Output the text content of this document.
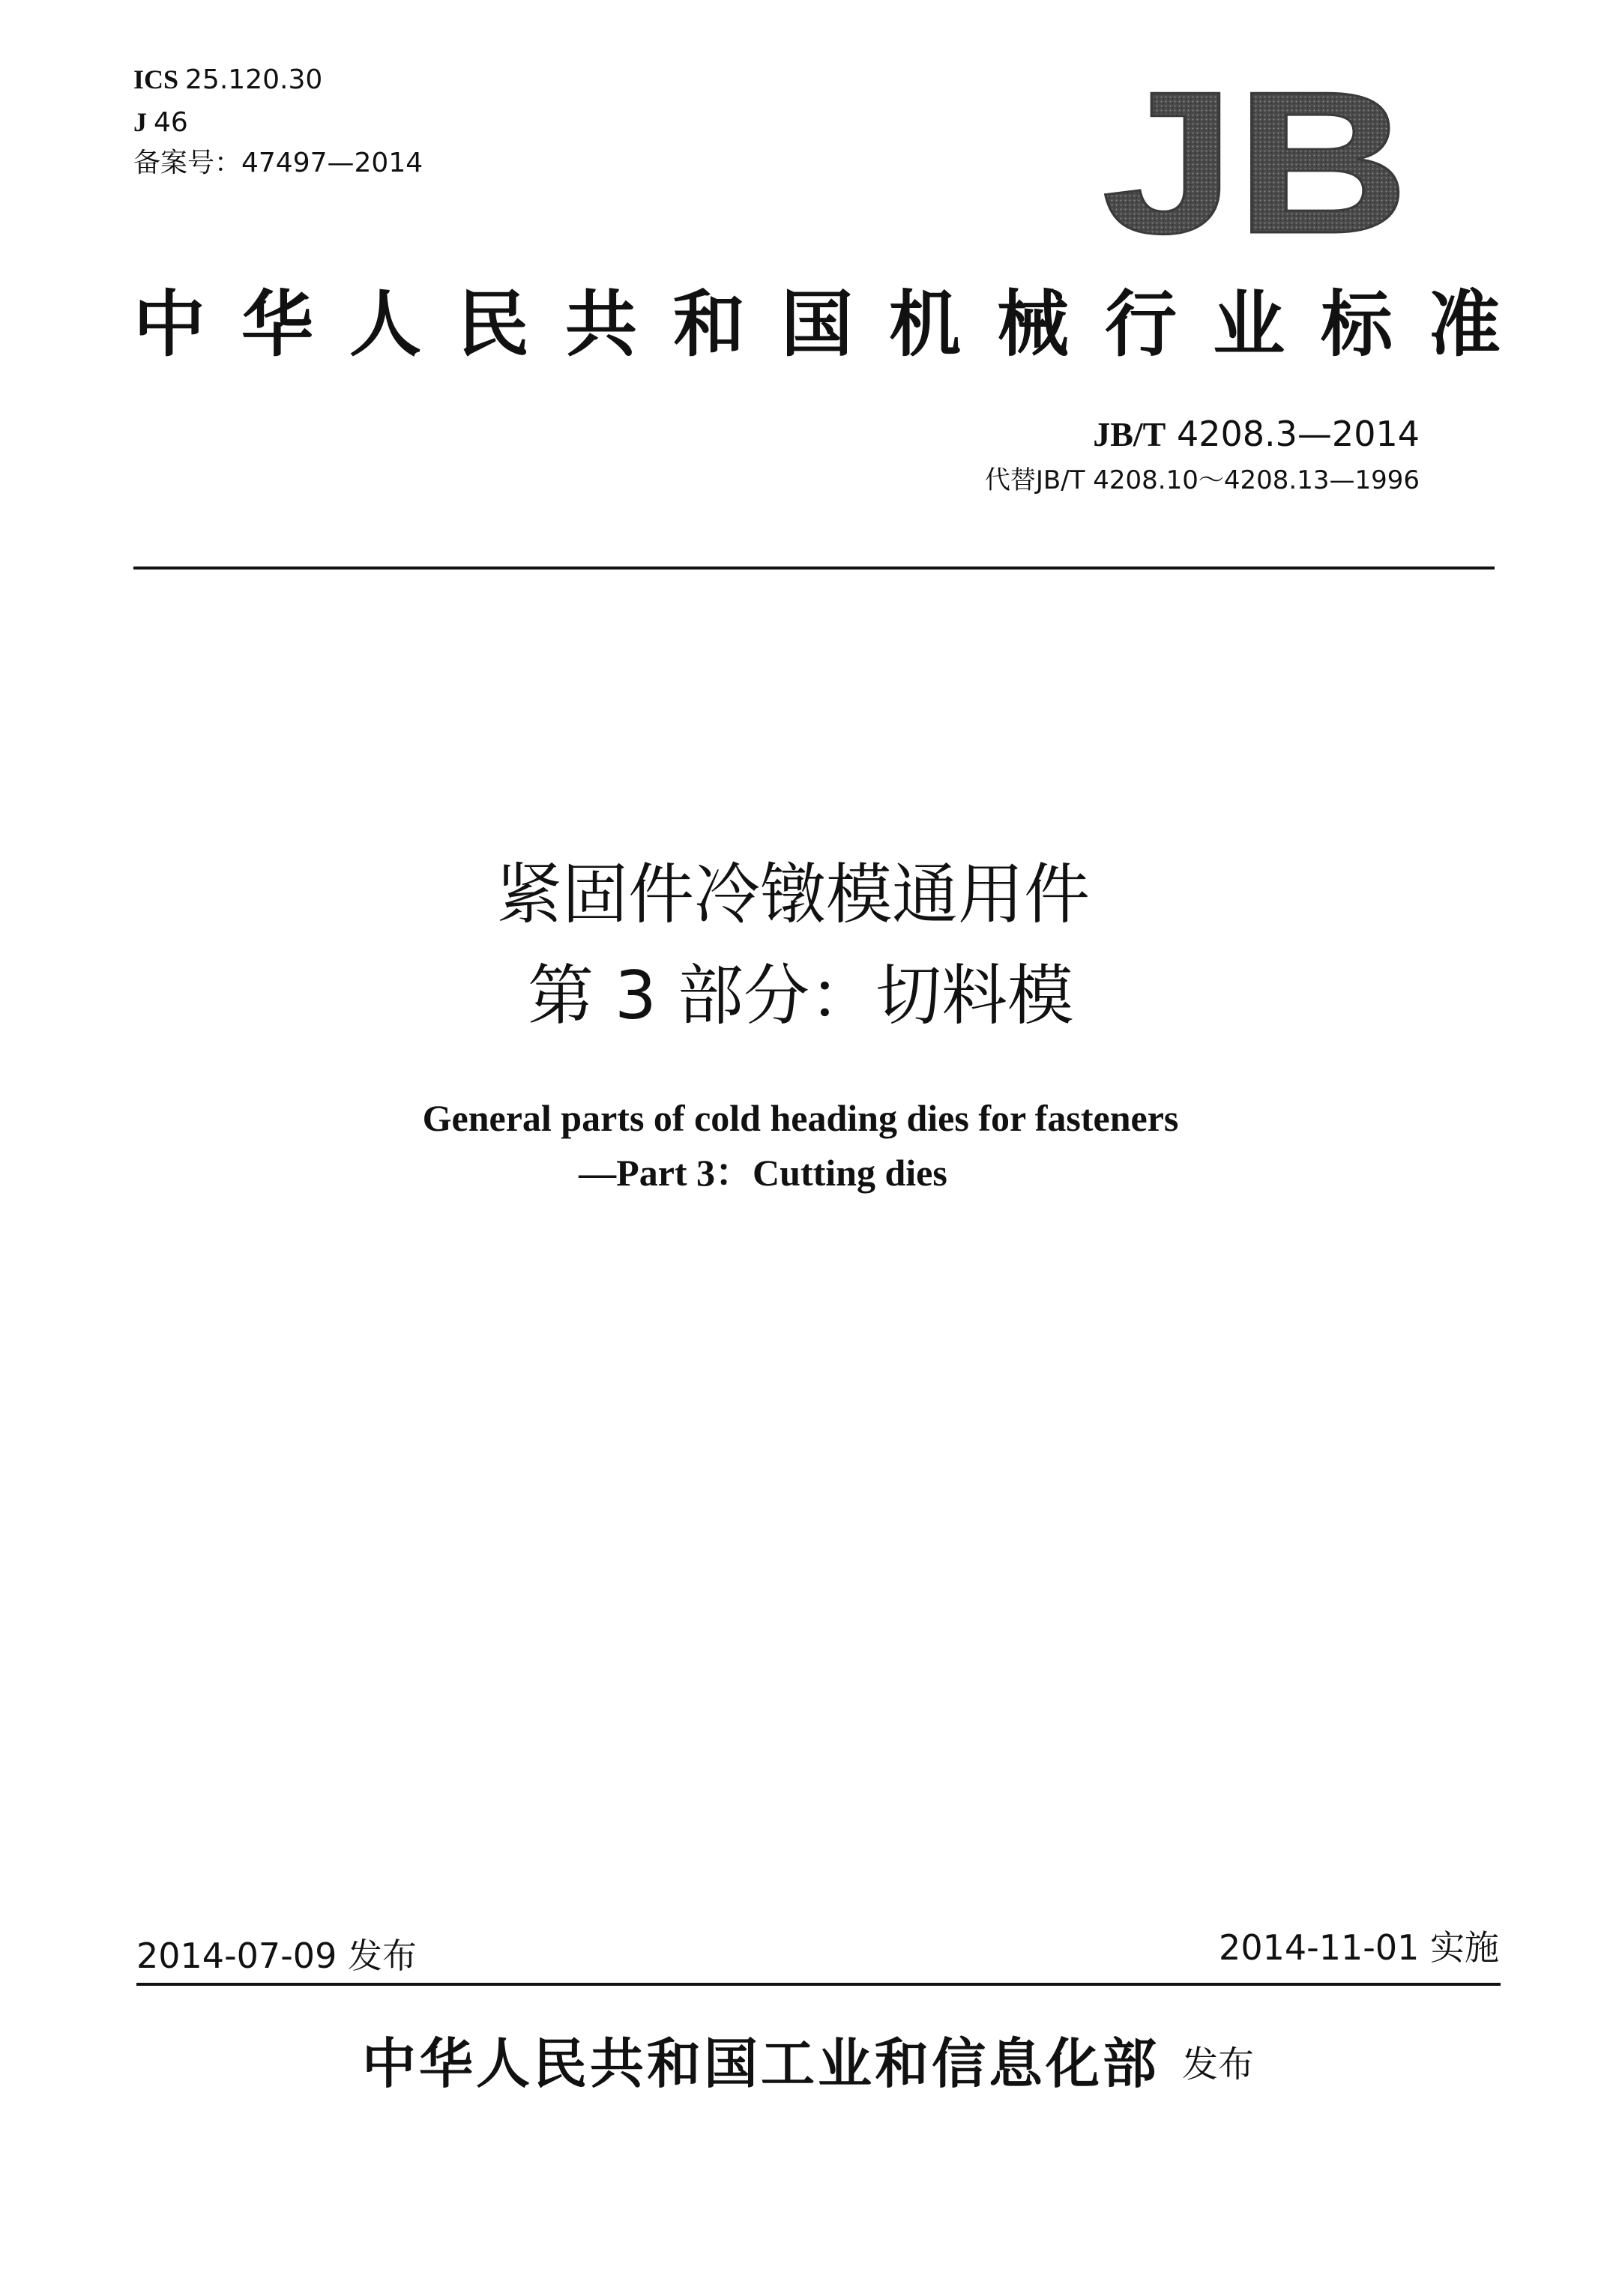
ICS 25.120.30
J 46
备案号：47497—2014	JB
中华人民共和国机械行业标准
JB/T 4208.3—2014
代替JB/T 4208.10～4208.13—1996
紧固件冷镦模通用件
第 3 部分：切料模
General parts of cold heading dies for fasteners
—Part 3：Cutting dies
2014-07-09 发布	2014-11-01 实施
中华人民共和国工业和信息化部 发布
